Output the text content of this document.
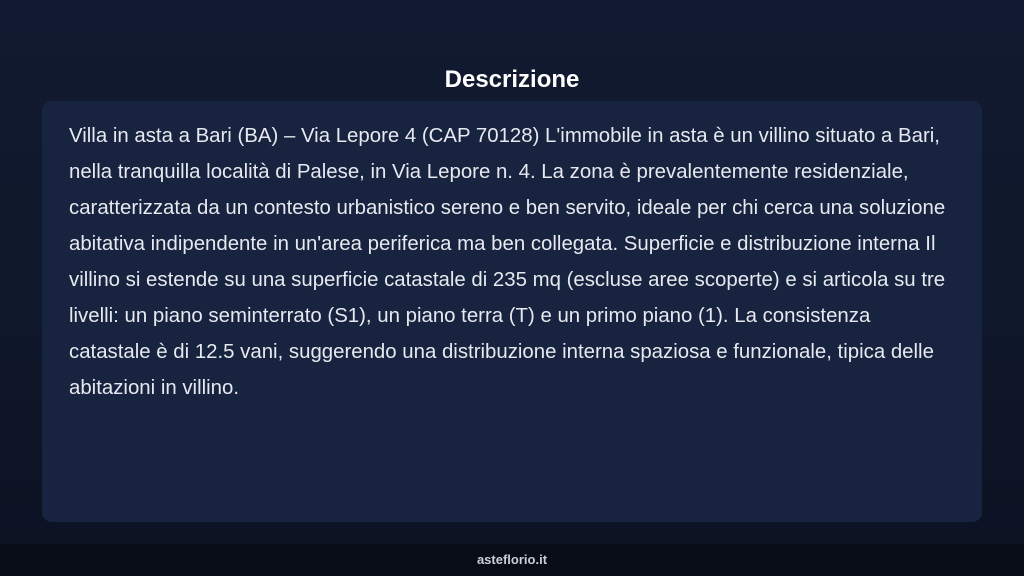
Descrizione

Villa in asta a Bari (BA) – Via Lepore 4 (CAP 70128) L'immobile in asta è un villino situato a Bari, nella tranquilla località di Palese, in Via Lepore n. 4. La zona è prevalentemente residenziale, caratterizzata da un contesto urbanistico sereno e ben servito, ideale per chi cerca una soluzione abitativa indipendente in un'area periferica ma ben collegata. Superficie e distribuzione interna Il villino si estende su una superficie catastale di 235 mq (escluse aree scoperte) e si articola su tre livelli: un piano seminterrato (S1), un piano terra (T) e un primo piano (1). La consistenza catastale è di 12.5 vani, suggerendo una distribuzione interna spaziosa e funzionale, tipica delle abitazioni in villino.

asteflorio.it
